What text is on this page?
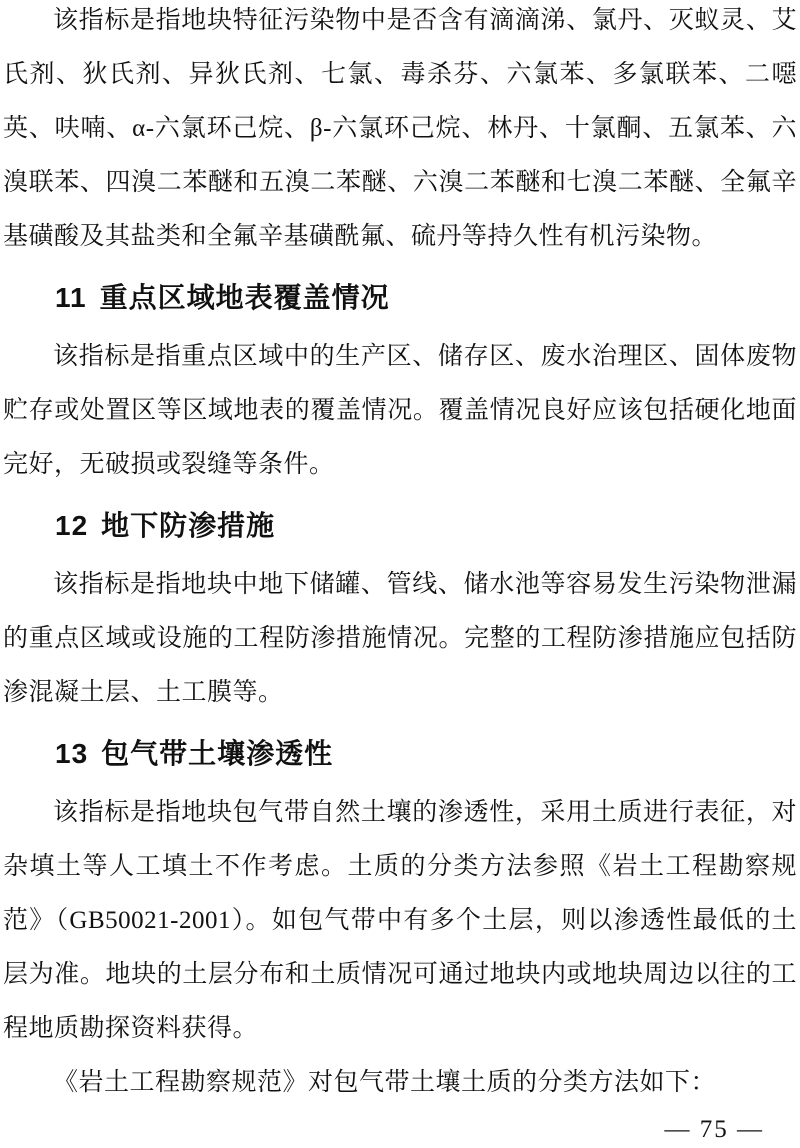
该指标是指地块特征污染物中是否含有滴滴涕、氯丹、灭蚁灵、艾氏剂、狄氏剂、异狄氏剂、七氯、毒杀芬、六氯苯、多氯联苯、二噁英、呋喃、α-六氯环己烷、β-六氯环己烷、林丹、十氯酮、五氯苯、六溴联苯、四溴二苯醚和五溴二苯醚、六溴二苯醚和七溴二苯醚、全氟辛基磺酸及其盐类和全氟辛基磺酰氟、硫丹等持久性有机污染物。

11 重点区域地表覆盖情况

该指标是指重点区域中的生产区、储存区、废水治理区、固体废物贮存或处置区等区域地表的覆盖情况。覆盖情况良好应该包括硬化地面完好，无破损或裂缝等条件。

12 地下防渗措施

该指标是指地块中地下储罐、管线、储水池等容易发生污染物泄漏的重点区域或设施的工程防渗措施情况。完整的工程防渗措施应包括防渗混凝土层、土工膜等。

13 包气带土壤渗透性

该指标是指地块包气带自然土壤的渗透性，采用土质进行表征，对杂填土等人工填土不作考虑。土质的分类方法参照《岩土工程勘察规范》（GB50021-2001）。如包气带中有多个土层，则以渗透性最低的土层为准。地块的土层分布和土质情况可通过地块内或地块周边以往的工程地质勘探资料获得。

《岩土工程勘察规范》对包气带土壤土质的分类方法如下：

— 75 —
